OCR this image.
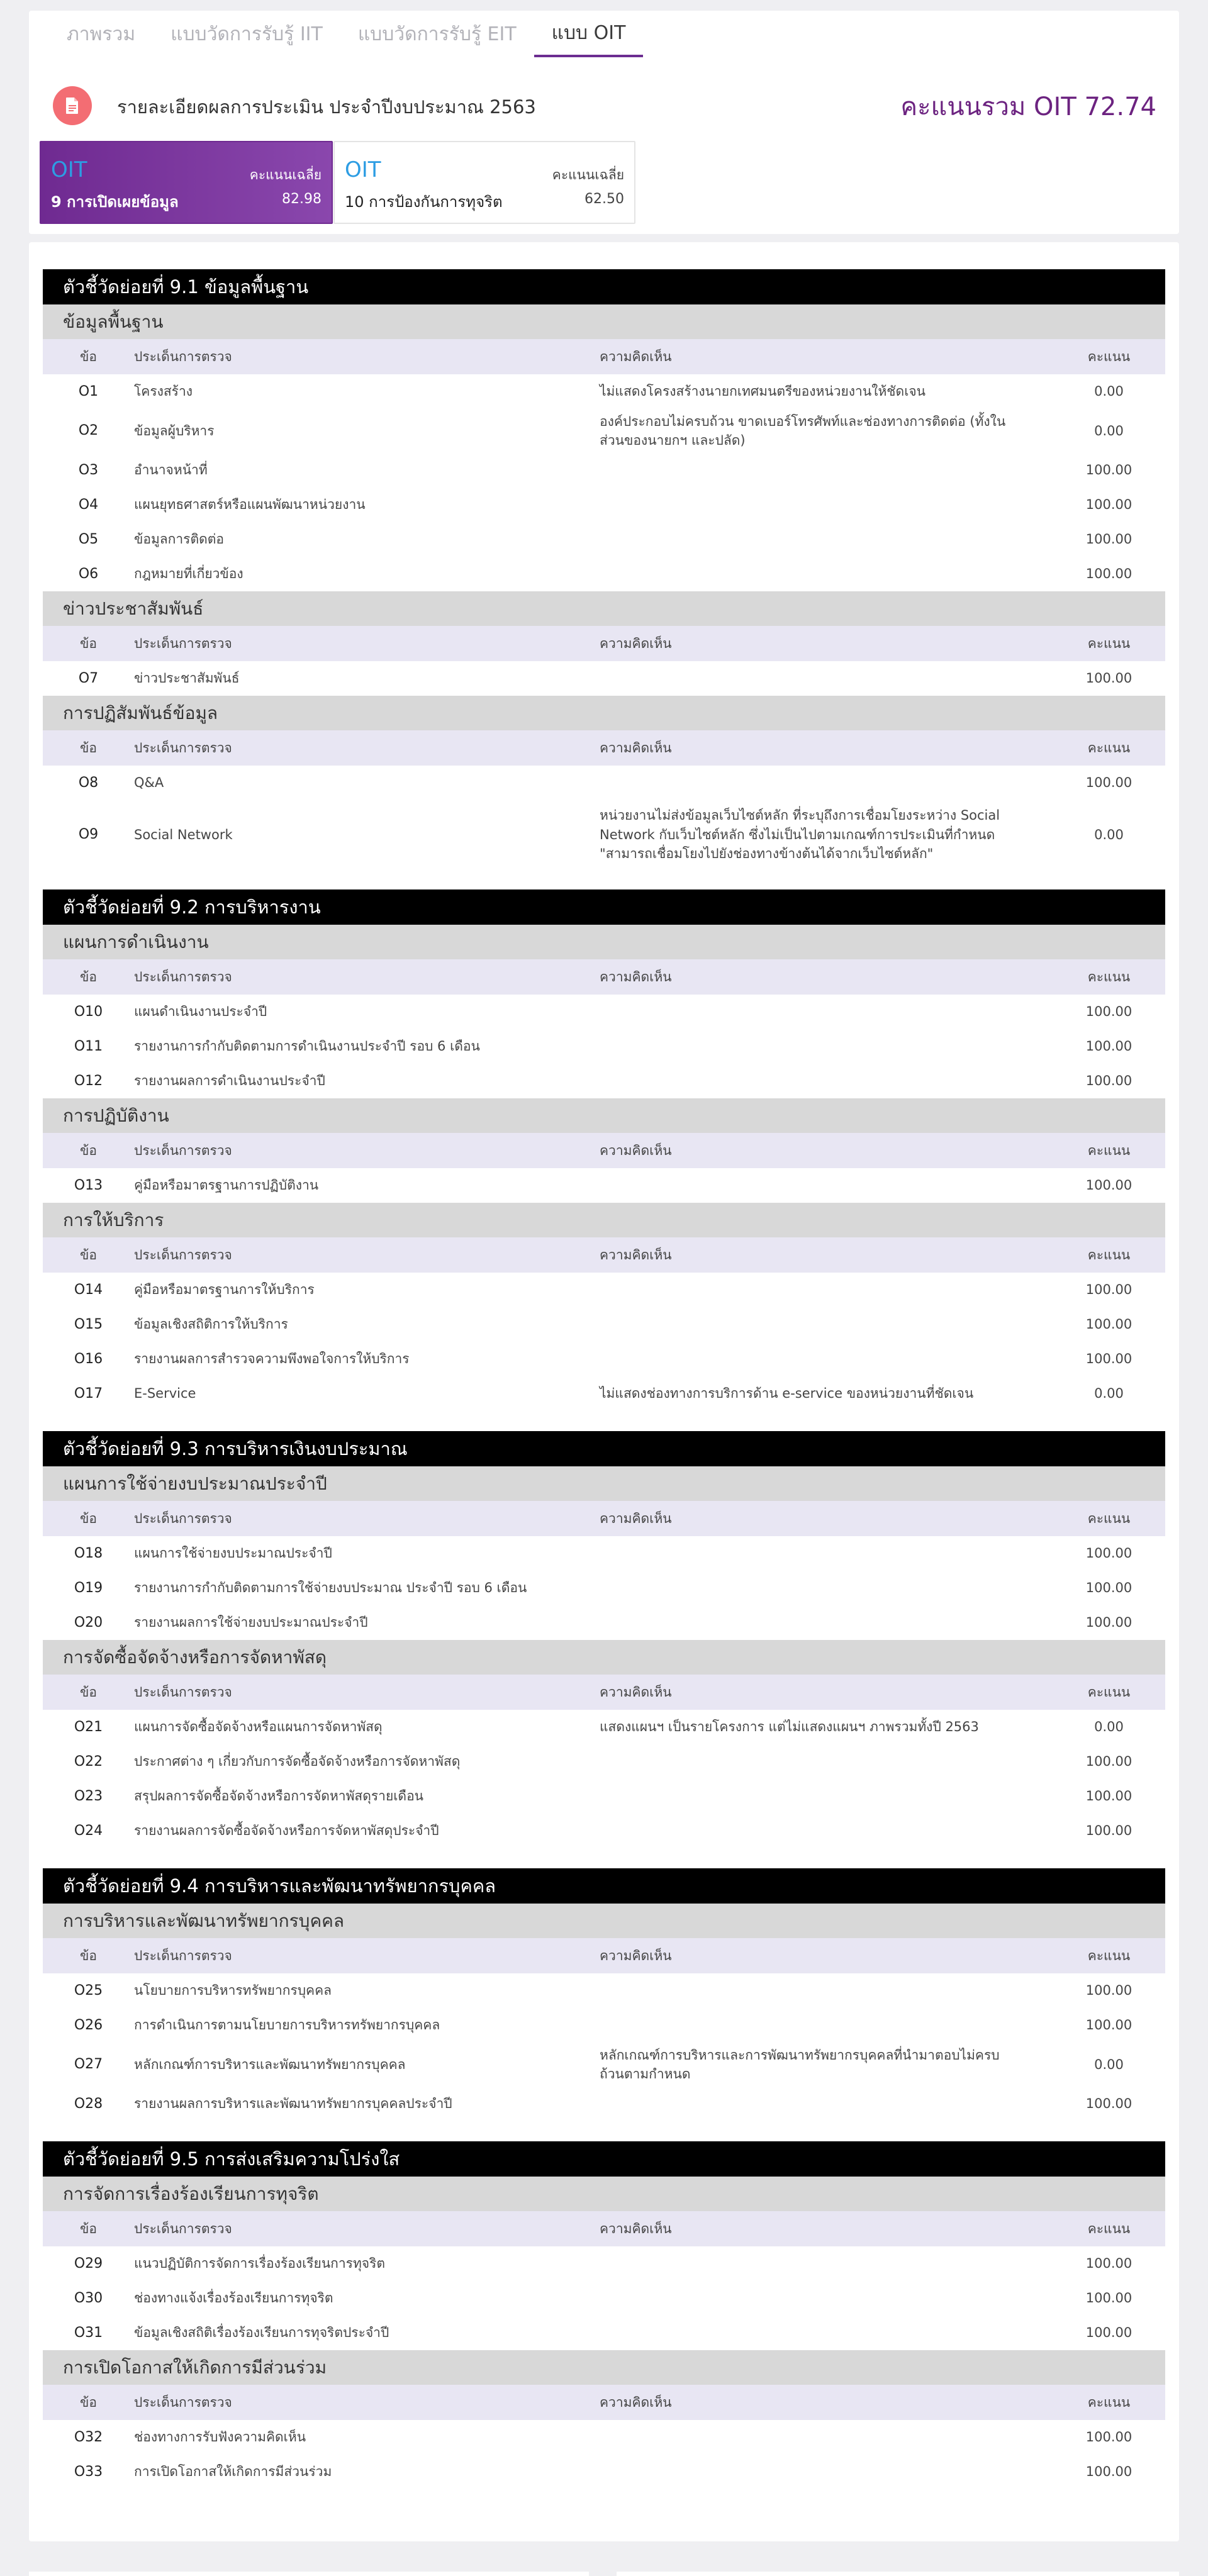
ภาพรวม	แบบวัดการรับรู้ IIT	แบบวัดการรับรู้ EIT	แบบ OIT
รายละเอียดผลการประเมิน ประจำปีงบประมาณ 2563	คะแนนรวม OIT 72.74
OIT	คะแนนเฉลี่ย
9 การเปิดเผยข้อมูล	82.98
OIT	คะแนนเฉลี่ย
10 การป้องกันการทุจริต	62.50
ตัวชี้วัดย่อยที่ 9.1 ข้อมูลพื้นฐาน
ข้อมูลพื้นฐาน
ข้อ	ประเด็นการตรวจ	ความคิดเห็น	คะแนน
O1	โครงสร้าง	ไม่แสดงโครงสร้างนายกเทศมนตรีของหน่วยงานให้ชัดเจน	0.00
O2	ข้อมูลผู้บริหาร	องค์ประกอบไม่ครบถ้วน ขาดเบอร์โทรศัพท์และช่องทางการติดต่อ (ทั้งใน ส่วนของนายกฯ และปลัด)	0.00
O3	อำนาจหน้าที่		100.00
O4	แผนยุทธศาสตร์หรือแผนพัฒนาหน่วยงาน		100.00
O5	ข้อมูลการติดต่อ		100.00
O6	กฎหมายที่เกี่ยวข้อง		100.00
ข่าวประชาสัมพันธ์
ข้อ	ประเด็นการตรวจ	ความคิดเห็น	คะแนน
O7	ข่าวประชาสัมพันธ์		100.00
การปฏิสัมพันธ์ข้อมูล
ข้อ	ประเด็นการตรวจ	ความคิดเห็น	คะแนน
O8	Q&A		100.00
O9	Social Network	หน่วยงานไม่ส่งข้อมูลเว็บไซต์หลัก ที่ระบุถึงการเชื่อมโยงระหว่าง Social Network กับเว็บไซต์หลัก ซึ่งไม่เป็นไปตามเกณฑ์การประเมินที่กำหนด "สามารถเชื่อมโยงไปยังช่องทางข้างต้นได้จากเว็บไซต์หลัก"	0.00
ตัวชี้วัดย่อยที่ 9.2 การบริหารงาน
แผนการดำเนินงาน
ข้อ	ประเด็นการตรวจ	ความคิดเห็น	คะแนน
O10	แผนดำเนินงานประจำปี		100.00
O11	รายงานการกำกับติดตามการดำเนินงานประจำปี รอบ 6 เดือน		100.00
O12	รายงานผลการดำเนินงานประจำปี		100.00
การปฏิบัติงาน
ข้อ	ประเด็นการตรวจ	ความคิดเห็น	คะแนน
O13	คู่มือหรือมาตรฐานการปฏิบัติงาน		100.00
การให้บริการ
ข้อ	ประเด็นการตรวจ	ความคิดเห็น	คะแนน
O14	คู่มือหรือมาตรฐานการให้บริการ		100.00
O15	ข้อมูลเชิงสถิติการให้บริการ		100.00
O16	รายงานผลการสำรวจความพึงพอใจการให้บริการ		100.00
O17	E-Service	ไม่แสดงช่องทางการบริการด้าน e-service ของหน่วยงานที่ชัดเจน	0.00
ตัวชี้วัดย่อยที่ 9.3 การบริหารเงินงบประมาณ
แผนการใช้จ่ายงบประมาณประจำปี
ข้อ	ประเด็นการตรวจ	ความคิดเห็น	คะแนน
O18	แผนการใช้จ่ายงบประมาณประจำปี		100.00
O19	รายงานการกำกับติดตามการใช้จ่ายงบประมาณ ประจำปี รอบ 6 เดือน		100.00
O20	รายงานผลการใช้จ่ายงบประมาณประจำปี		100.00
การจัดซื้อจัดจ้างหรือการจัดหาพัสดุ
ข้อ	ประเด็นการตรวจ	ความคิดเห็น	คะแนน
O21	แผนการจัดซื้อจัดจ้างหรือแผนการจัดหาพัสดุ	แสดงแผนฯ เป็นรายโครงการ แต่ไม่แสดงแผนฯ ภาพรวมทั้งปี 2563	0.00
O22	ประกาศต่าง ๆ เกี่ยวกับการจัดซื้อจัดจ้างหรือการจัดหาพัสดุ		100.00
O23	สรุปผลการจัดซื้อจัดจ้างหรือการจัดหาพัสดุรายเดือน		100.00
O24	รายงานผลการจัดซื้อจัดจ้างหรือการจัดหาพัสดุประจำปี		100.00
ตัวชี้วัดย่อยที่ 9.4 การบริหารและพัฒนาทรัพยากรบุคคล
การบริหารและพัฒนาทรัพยากรบุคคล
ข้อ	ประเด็นการตรวจ	ความคิดเห็น	คะแนน
O25	นโยบายการบริหารทรัพยากรบุคคล		100.00
O26	การดำเนินการตามนโยบายการบริหารทรัพยากรบุคคล		100.00
O27	หลักเกณฑ์การบริหารและพัฒนาทรัพยากรบุคคล	หลักเกณฑ์การบริหารและการพัฒนาทรัพยากรบุคคลที่นำมาตอบไม่ครบ ถ้วนตามกำหนด	0.00
O28	รายงานผลการบริหารและพัฒนาทรัพยากรบุคคลประจำปี		100.00
ตัวชี้วัดย่อยที่ 9.5 การส่งเสริมความโปร่งใส
การจัดการเรื่องร้องเรียนการทุจริต
ข้อ	ประเด็นการตรวจ	ความคิดเห็น	คะแนน
O29	แนวปฏิบัติการจัดการเรื่องร้องเรียนการทุจริต		100.00
O30	ช่องทางแจ้งเรื่องร้องเรียนการทุจริต		100.00
O31	ข้อมูลเชิงสถิติเรื่องร้องเรียนการทุจริตประจำปี		100.00
การเปิดโอกาสให้เกิดการมีส่วนร่วม
ข้อ	ประเด็นการตรวจ	ความคิดเห็น	คะแนน
O32	ช่องทางการรับฟังความคิดเห็น		100.00
O33	การเปิดโอกาสให้เกิดการมีส่วนร่วม		100.00
